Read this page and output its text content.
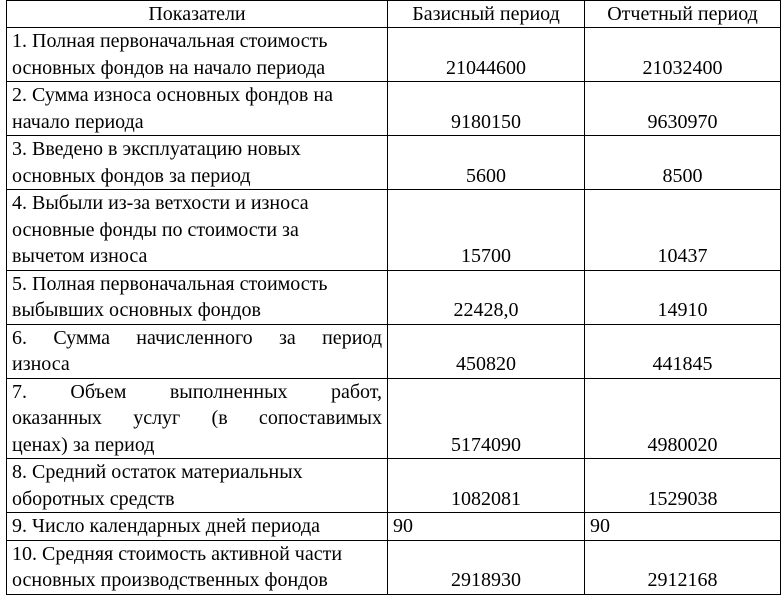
Показатели	Базисный период	Отчетный период

1. Полная первоначальная стоимость
основных фондов на начало периода	21044600	21032400

2. Сумма износа основных фондов на
начало периода	9180150	9630970

3. Введено в эксплуатацию новых
основных фондов за период	5600	8500

4. Выбыли из-за ветхости и износа
основные фонды по стоимости за
вычетом износа	15700	10437

5. Полная первоначальная стоимость
выбывших основных фондов	22428,0	14910

6. Сумма начисленного за период
износа	450820	441845

7. Объем выполненных работ,
оказанных услуг (в сопоставимых
ценах) за период	5174090	4980020

8. Средний остаток материальных
оборотных средств	1082081	1529038

9. Число календарных дней периода	90	90

10. Средняя стоимость активной части
основных производственных фондов	2918930	2912168
